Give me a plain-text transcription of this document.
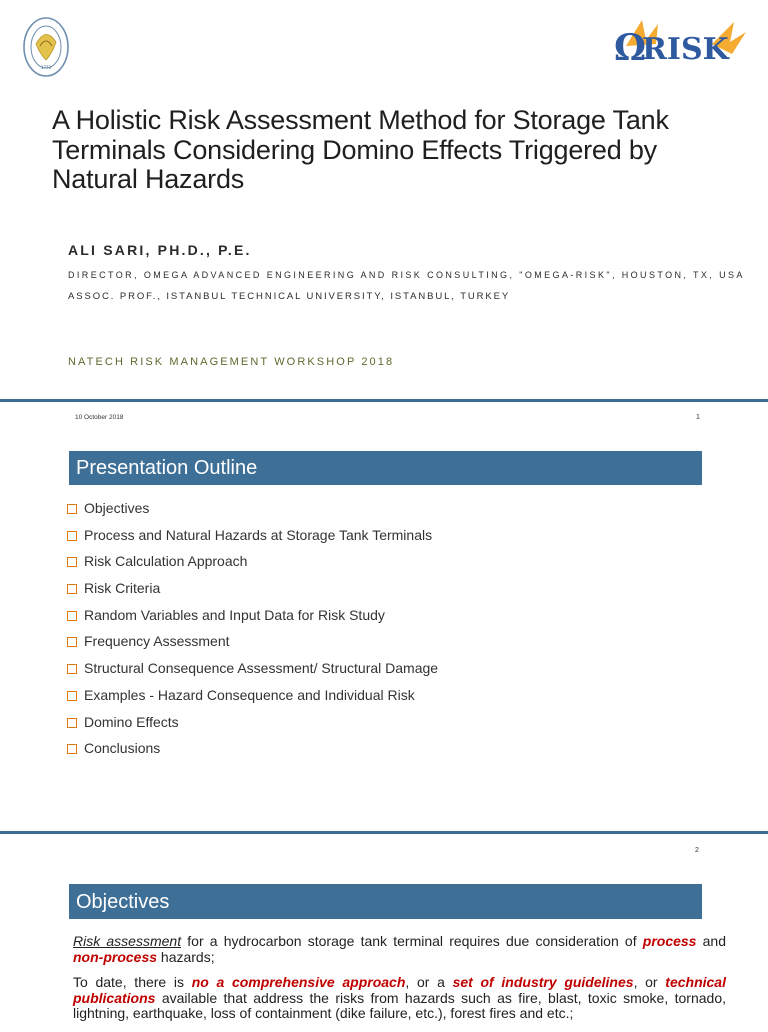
1773	Ω
RISK
A Holistic Risk Assessment Method for Storage Tank Terminals Considering Domino Effects Triggered by Natural Hazards
ALI SARI, PH.D., P.E.
DIRECTOR, OMEGA ADVANCED ENGINEERING AND RISK CONSULTING, "OMEGA-RISK", HOUSTON, TX, USA
ASSOC. PROF., ISTANBUL TECHNICAL UNIVERSITY, ISTANBUL, TURKEY
NATECH RISK MANAGEMENT WORKSHOP 2018
10 October 2018	1
Presentation Outline
Objectives
Process and Natural Hazards at Storage Tank Terminals
Risk Calculation Approach
Risk Criteria
Random Variables and Input Data for Risk Study
Frequency Assessment
Structural Consequence Assessment/ Structural Damage
Examples - Hazard Consequence and Individual Risk
Domino Effects
Conclusions
2
Objectives

Risk assessment for a hydrocarbon storage tank terminal requires due consideration of process and non-process hazards;

To date, there is no a comprehensive approach, or a set of industry guidelines, or technical publications available that address the risks from hazards such as fire, blast, toxic smoke, tornado, lightning, earthquake, loss of containment (dike failure, etc.), forest fires and etc.;
